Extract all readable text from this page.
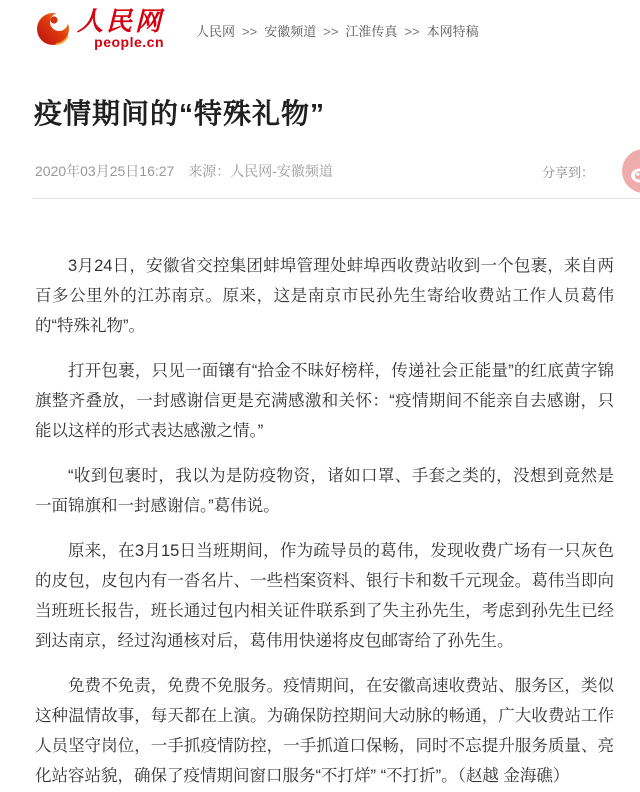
人民网
people.cn
人民网 >> 安徽频道 >> 江淮传真 >> 本网特稿
疫情期间的“特殊礼物”
2020年03月25日16:27 来源：人民网-安徽频道	分享到：

3月24日，安徽省交控集团蚌埠管理处蚌埠西收费站收到一个包裹，来自两百多公里外的江苏南京。原来，这是南京市民孙先生寄给收费站工作人员葛伟的“特殊礼物”。

打开包裹，只见一面镶有“拾金不昧好榜样，传递社会正能量”的红底黄字锦旗整齐叠放，一封感谢信更是充满感激和关怀：“疫情期间不能亲自去感谢，只能以这样的形式表达感激之情。”

“收到包裹时，我以为是防疫物资，诸如口罩、手套之类的，没想到竟然是一面锦旗和一封感谢信。”葛伟说。

原来，在3月15日当班期间，作为疏导员的葛伟，发现收费广场有一只灰色的皮包，皮包内有一沓名片、一些档案资料、银行卡和数千元现金。葛伟当即向当班班长报告，班长通过包内相关证件联系到了失主孙先生，考虑到孙先生已经到达南京，经过沟通核对后，葛伟用快递将皮包邮寄给了孙先生。

免费不免责，免费不免服务。疫情期间，在安徽高速收费站、服务区，类似这种温情故事，每天都在上演。为确保防控期间大动脉的畅通，广大收费站工作人员坚守岗位，一手抓疫情防控，一手抓道口保畅，同时不忘提升服务质量、亮化站容站貌，确保了疫情期间窗口服务“不打烊” “不打折”。（赵越 金海礁）
